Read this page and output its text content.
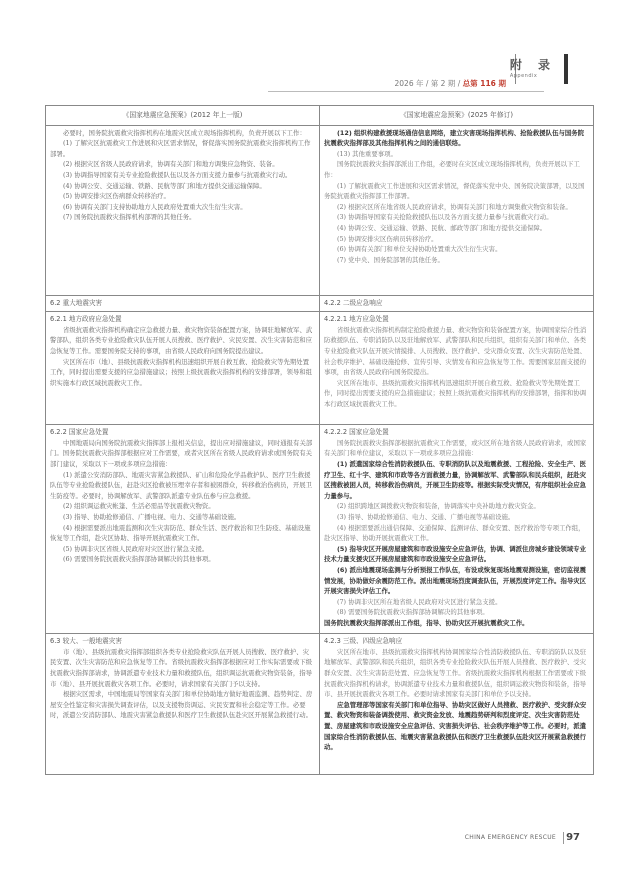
2026 年 / 第 2 期 / 总第 116 期
附 录
Appendix
《国家地震应急预案》(2012 年上一版)	《国家地震应急预案》(2025 年修订)

必要时，国务院抗震救灾指挥机构在地震灾区成立现场指挥机构，负责开展以下工作：

(1) 了解灾区抗震救灾工作进展和灾区需求情况，督促落实国务院抗震救灾指挥机构工作部署。

(2) 根据灾区省级人民政府请求，协调有关部门和地方调集应急物资、装备。

(3) 协调指导国家有关专业抢险救援队伍以及各方面支援力量参与抗震救灾行动。

(4) 协调公安、交通运输、铁路、民航等部门和地方提供交通运输保障。

(5) 协调安排灾区伤病群众转移治疗。

(6) 协调有关部门支持协助地方人民政府处置重大次生衍生灾害。

(7) 国务院抗震救灾指挥机构部署的其他任务。

(12) 组织构建救援现场通信信息网络，建立灾害现场指挥机构、抢险救援队伍与国务院抗震救灾指挥部及其他指挥机构之间的通信联络。

(13) 其他重要事项。

国务院抗震救灾指挥部派出工作组，必要时在灾区成立现场指挥机构，负责开展以下工作：

(1) 了解抗震救灾工作进展和灾区需求情况，督促落实党中央、国务院决策部署，以及国务院抗震救灾指挥部工作部署。

(2) 根据灾区所在地省级人民政府请求，协调有关部门和地方调集救灾物资和装备。

(3) 协调指导国家有关抢险救援队伍以及各方面支援力量参与抗震救灾行动。

(4) 协调公安、交通运输、铁路、民航、邮政等部门和地方提供交通保障。

(5) 协调安排灾区伤病员转移治疗。

(6) 协调有关部门和单位支持协助处置重大次生衍生灾害。

(7) 党中央、国务院部署的其他任务。

6.2 重大地震灾害	4.2.2 二级应急响应

6.2.1 地方政府应急处置

省级抗震救灾指挥机构确定应急救援力量、救灾物资装备配置方案，协调驻地解放军、武警部队，组织各类专业抢险救灾队伍开展人员搜救、医疗救护、灾民安置、次生灾害防范和应急恢复等工作。需要国务院支持的事项，由省级人民政府向国务院提出建议。

灾区所在市（地）、县级抗震救灾指挥机构迅速组织开展自救互救、抢险救灾等先期处置工作，同时提出需要支援的应急措施建议；按照上级抗震救灾指挥机构的安排部署，领导和组织实施本行政区域抗震救灾工作。

4.2.2.1 地方应急处置

省级抗震救灾指挥机构制定抢险救援力量、救灾物资和装备配置方案，协调国家综合性消防救援队伍、专职消防队以及驻地解放军、武警部队和民兵组织，组织有关部门和单位、各类专业抢险救灾队伍开展灾情摸排、人员搜救、医疗救护、受灾群众安置、次生灾害防范处置、社会秩序维护、基础设施抢修、宣传引导、灾情发布和应急恢复等工作。需要国家层面支援的事项，由省级人民政府向国务院提出。

灾区所在地市、县级抗震救灾指挥机构迅速组织开展自救互救、抢险救灾等先期处置工作，同时提出需要支援的应急措施建议；按照上级抗震救灾指挥机构的安排部署，指挥和协调本行政区域抗震救灾工作。

6.2.2 国家应急处置

中国地震局向国务院抗震救灾指挥部上报相关信息，提出应对措施建议，同时通报有关部门。国务院抗震救灾指挥部根据应对工作需要，或者灾区所在省级人民政府请求或国务院有关部门建议，采取以下一项或多项应急措施：

(1) 派遣公安消防部队、地震灾害紧急救援队、矿山和危险化学品救护队、医疗卫生救援队伍等专业抢险救援队伍，赶赴灾区抢救被压埋幸存者和被困群众，转移救治伤病员，开展卫生防疫等。必要时，协调解放军、武警部队派遣专业队伍参与应急救援。

(2) 组织调运救灾帐篷、生活必需品等抗震救灾物资。

(3) 指导、协助抢修通信、广播电视、电力、交通等基础设施。

(4) 根据需要派出地震监测和次生灾害防范、群众生活、医疗救治和卫生防疫、基础设施恢复等工作组，赴灾区协助、指导开展抗震救灾工作。

(5) 协调非灾区省级人民政府对灾区进行紧急支援。

(6) 需要国务院抗震救灾指挥部协调解决的其他事项。

4.2.2.2 国家应急处置

国务院抗震救灾指挥部根据抗震救灾工作需要，或灾区所在地省级人民政府请求，或国家有关部门和单位建议，采取以下一项或多项应急措施：

(1) 派遣国家综合性消防救援队伍、专职消防队以及地震救援、工程抢险、安全生产、医疗卫生、红十字、建筑和市政等各方面救援力量，协调解放军、武警部队和民兵组织，赶赴灾区搜救被困人员，转移救治伤病员，开展卫生防疫等。根据实际受灾情况，有序组织社会应急力量参与。

(2) 组织跨地区调拨救灾物资和装备，协调落实中央补助地方救灾资金。

(3) 指导、协助抢修通信、电力、交通、广播电视等基础设施。

(4) 根据需要派出通信保障、交通保障、监测评估、群众安置、医疗救治等专项工作组，赴灾区指导、协助开展抗震救灾工作。

(5) 指导灾区开展房屋建筑和市政设施安全应急评估，协调、调派住房城乡建设领域专业技术力量支援灾区开展房屋建筑和市政设施安全应急评估。

(6) 派出地震现场监测与分析预报工作队伍，布设或恢复现场地震观测设施，密切监视震情发展，协助做好余震防范工作。派出地震现场烈度调查队伍，开展烈度评定工作。指导灾区开展灾害损失评估工作。

(7) 协调非灾区所在地省级人民政府对灾区进行紧急支援。

(8) 需要国务院抗震救灾指挥部协调解决的其他事项。

国务院抗震救灾指挥部派出工作组，指导、协助灾区开展抗震救灾工作。

6.3 较大、一般地震灾害

市（地）、县级抗震救灾指挥部组织各类专业抢险救灾队伍开展人员搜救、医疗救护、灾民安置、次生灾害防范和应急恢复等工作。省级抗震救灾指挥部根据应对工作实际需要或下级抗震救灾指挥部请求，协调派遣专业技术力量和救援队伍，组织调运抗震救灾物资装备，指导市（地）、县开展抗震救灾各项工作。必要时，请求国家有关部门予以支持。

根据灾区需求，中国地震局等国家有关部门和单位协助地方做好地震监测、趋势判定、房屋安全性鉴定和灾害损失调查评估，以及支援物资调运、灾民安置和社会稳定等工作。必要时，派遣公安消防部队、地震灾害紧急救援队和医疗卫生救援队伍赴灾区开展紧急救援行动。

4.2.3 三级、四级应急响应

灾区所在地市、县级抗震救灾指挥机构协调国家综合性消防救援队伍、专职消防队以及驻地解放军、武警部队和民兵组织，组织各类专业抢险救灾队伍开展人员搜救、医疗救护、受灾群众安置、次生灾害防范处置、应急恢复等工作。省级抗震救灾指挥机构根据工作需要或下级抗震救灾指挥机构请求，协调派遣专业技术力量和救援队伍，组织调运救灾物资和装备，指导市、县开展抗震救灾各项工作。必要时请求国家有关部门和单位予以支持。

应急管理部等国家有关部门和单位指导、协助灾区做好人员搜救、医疗救护、受灾群众安置、救灾物资和装备调拨使用、救灾资金发放、地震趋势研判和烈度评定、次生灾害防范处置、房屋建筑和市政设施安全应急评估、灾害损失评估、社会秩序维护等工作。必要时，派遣国家综合性消防救援队伍、地震灾害紧急救援队伍和医疗卫生救援队伍赴灾区开展紧急救援行动。

CHINA EMERGENCY RESCUE 97
